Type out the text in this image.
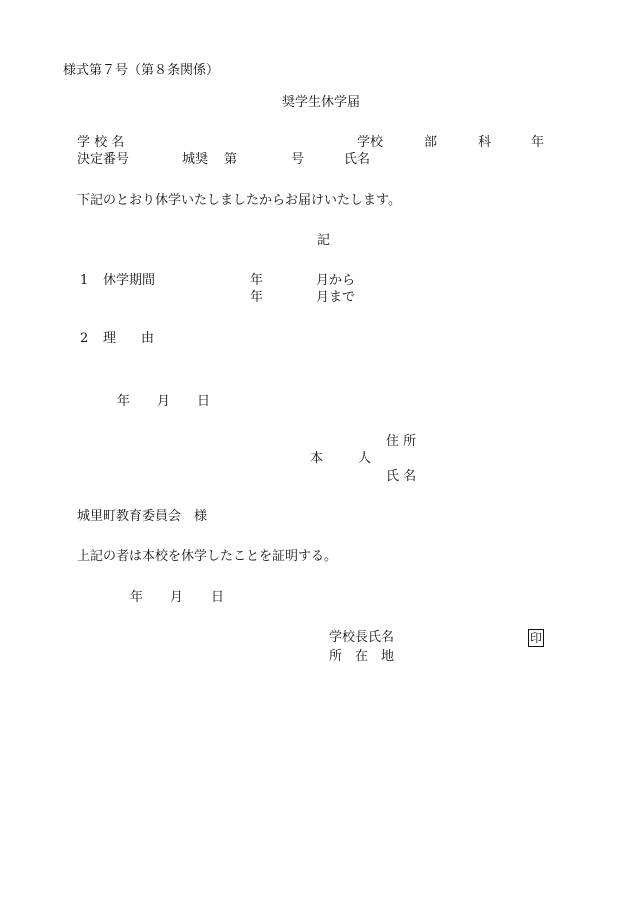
様式第７号（第８条関係）
奨学生休学届
学 校 名	学校	部	科	年
決定番号	城奨 第	号	氏名
下記のとおり休学いたしましたからお届けいたします。
記
1 休学期間	年	月から
年	月まで
2 理 由
年 月 日
住 所
本	人
氏 名
城里町教育委員会　様
上記の者は本校を休学したことを証明する。
年 月 日
学校長氏名	印
所　在　地
